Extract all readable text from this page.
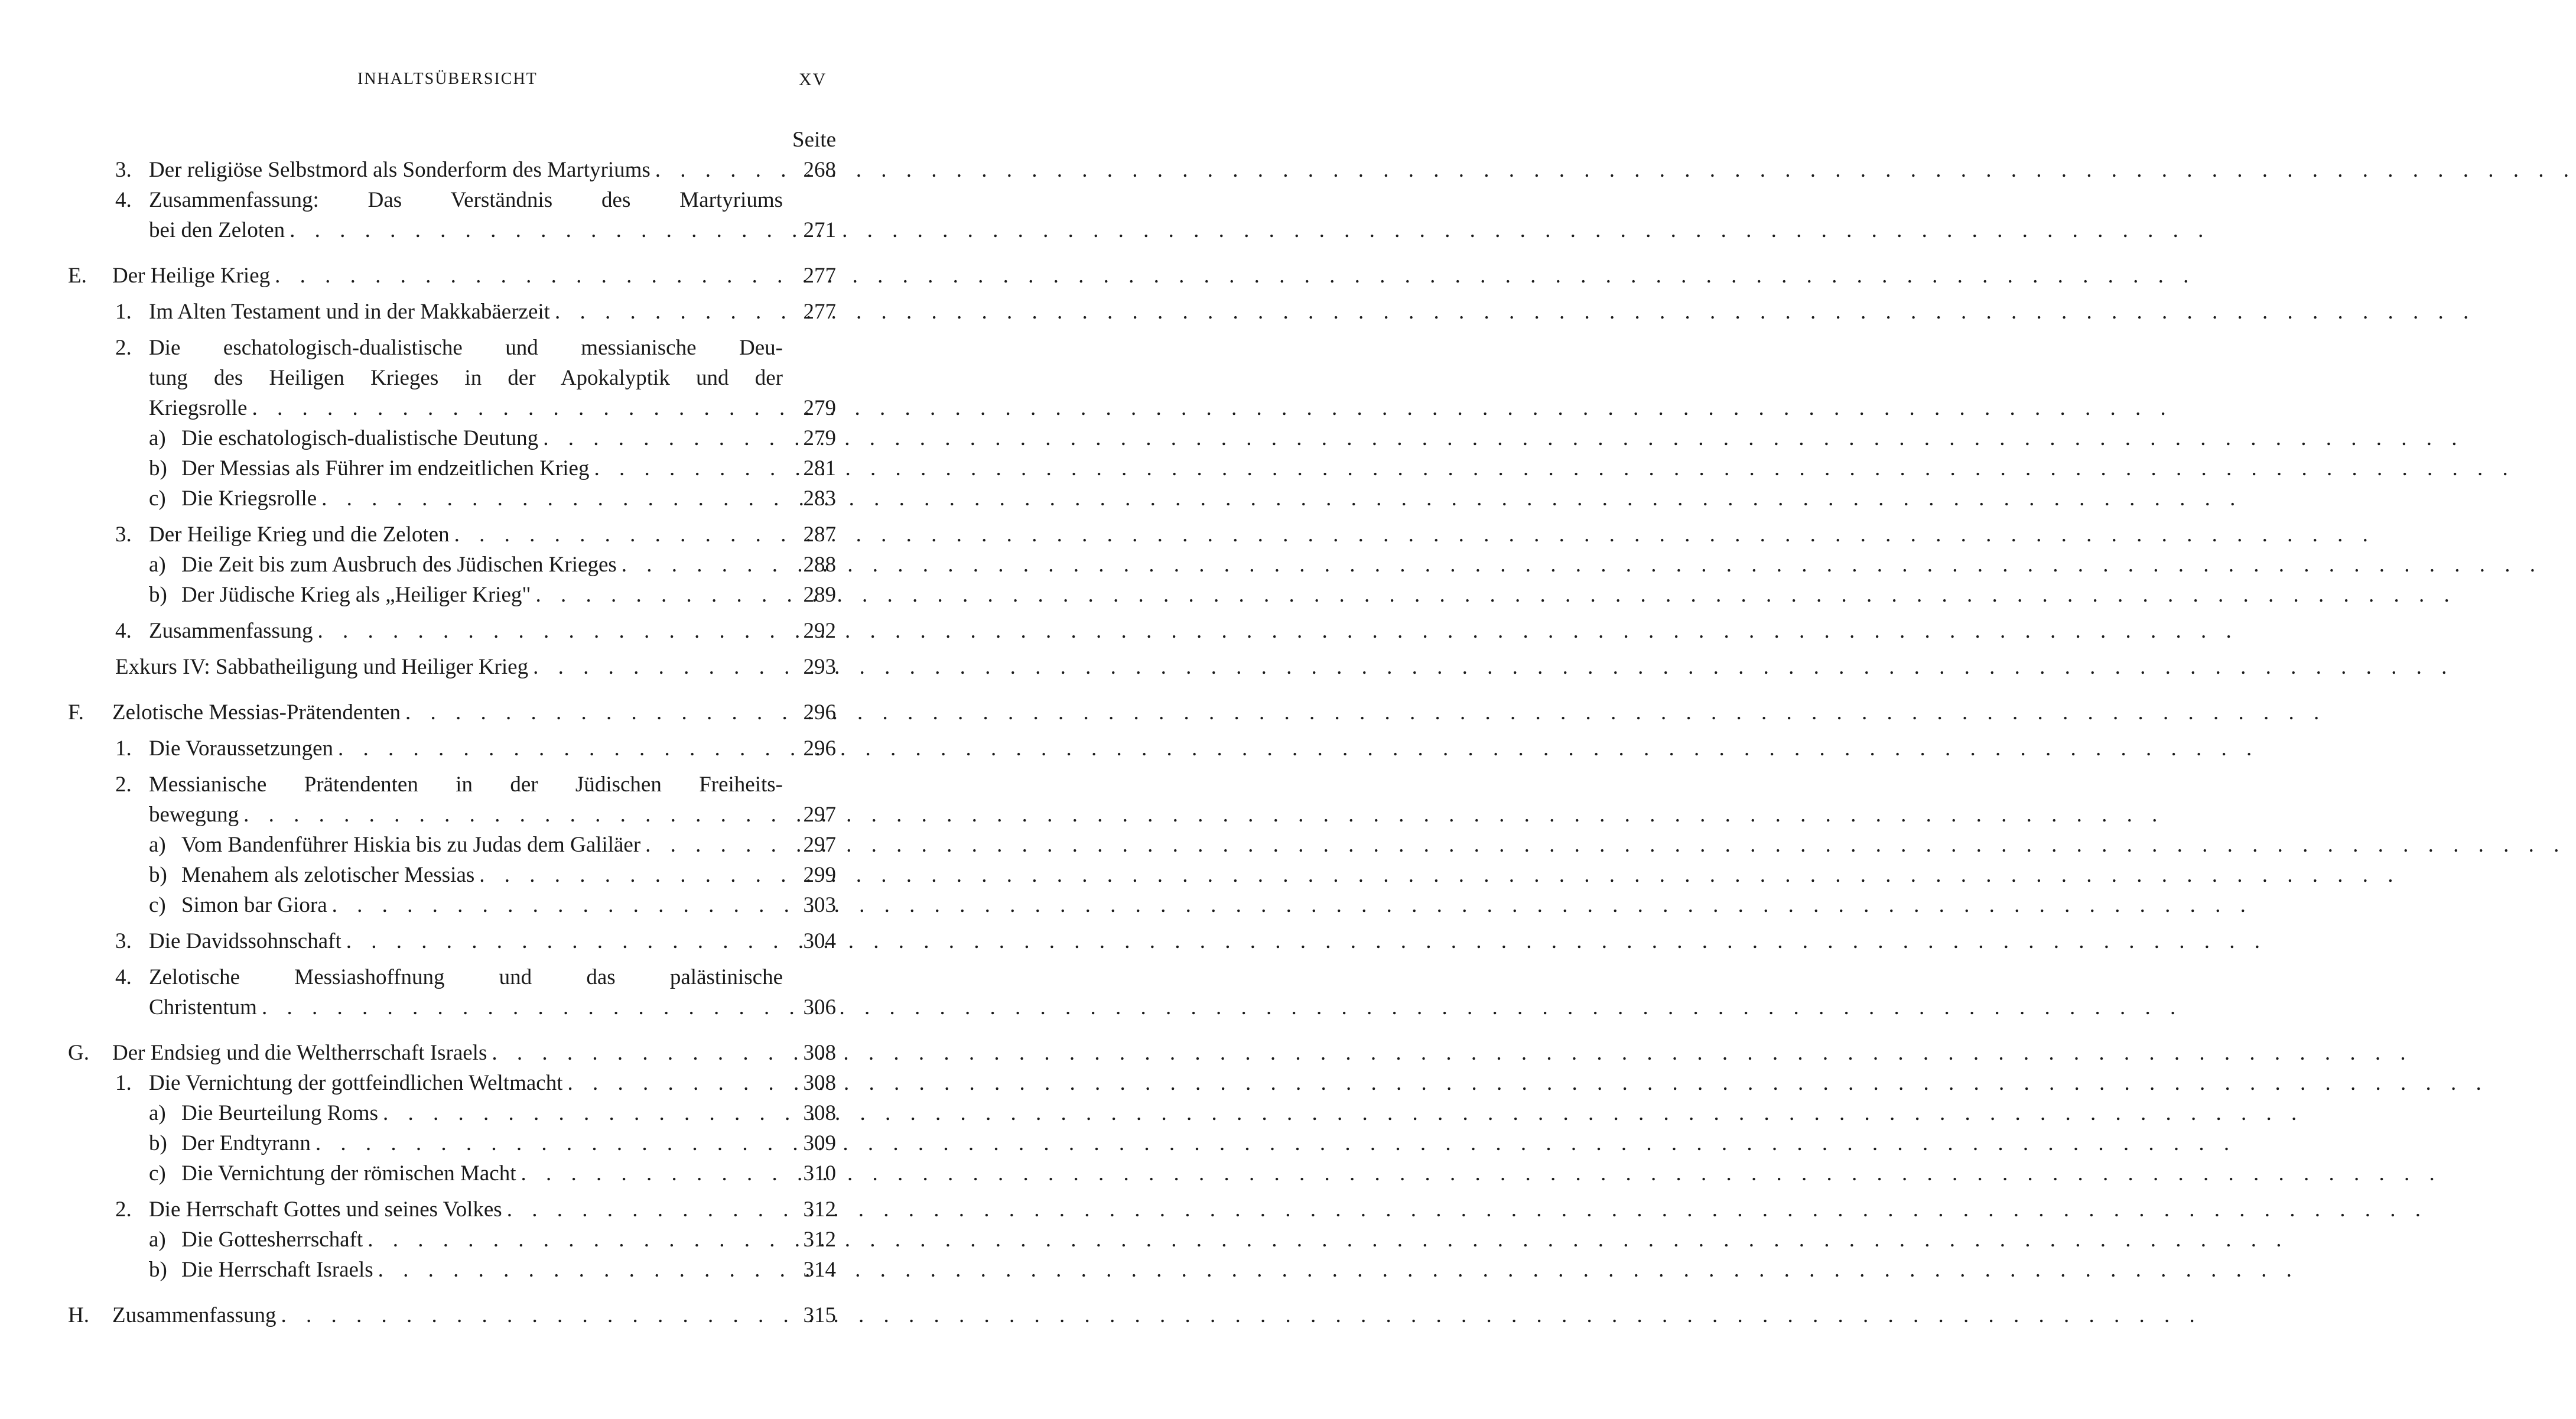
INHALTSÜBERSICHT	XV
Seite
3. Der religiöse Selbstmord als Sonderform des Martyriums . . .	268
4. Zusammenfassung: Das Verständnis des Martyriums
bei den Zeloten . . .	271
E.	Der Heilige Krieg . . .	277
1. Im Alten Testament und in der Makkabäerzeit . . .	277
2. Die eschatologisch-dualistische und messianische Deu-
tung des Heiligen Krieges in der Apokalyptik und der
Kriegsrolle . . .	279
a) Die eschatologisch-dualistische Deutung . . .	279
b) Der Messias als Führer im endzeitlichen Krieg . . .	281
c) Die Kriegsrolle . . .	283
3. Der Heilige Krieg und die Zeloten . . .	287
a) Die Zeit bis zum Ausbruch des Jüdischen Krieges . . .	288
b) Der Jüdische Krieg als „Heiliger Krieg" . . .	289
4. Zusammenfassung . . .	292
Exkurs IV: Sabbatheiligung und Heiliger Krieg . . .	293
F.	Zelotische Messias-Prätendenten . . .	296
1. Die Voraussetzungen . . .	296
2. Messianische Prätendenten in der Jüdischen Freiheits-
bewegung . . .	297
a) Vom Bandenführer Hiskia bis zu Judas dem Galiläer . . .	297
b) Menahem als zelotischer Messias . . .	299
c) Simon bar Giora . . .	303
3. Die Davidssohnschaft . . .	304
4. Zelotische Messiashoffnung und das palästinische
Christentum . . .	306
G.	Der Endsieg und die Weltherrschaft Israels . . .	308
1. Die Vernichtung der gottfeindlichen Weltmacht . . .	308
a) Die Beurteilung Roms . . .	308
b) Der Endtyrann . . .	309
c) Die Vernichtung der römischen Macht . . .	310
2. Die Herrschaft Gottes und seines Volkes . . .	312
a) Die Gottesherrschaft . . .	312
b) Die Herrschaft Israels . . .	314
H.	Zusammenfassung . . .	315
